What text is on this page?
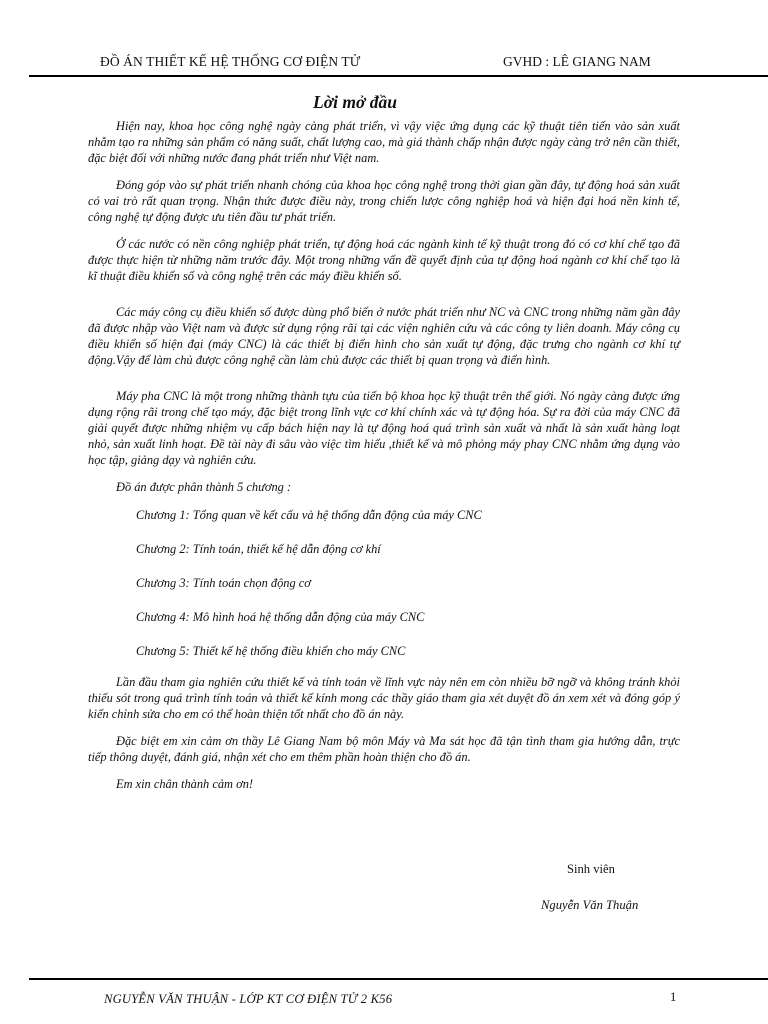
ĐỒ ÁN THIẾT KẾ HỆ THỐNG CƠ ĐIỆN TỬ	GVHD : LÊ GIANG NAM
Lời mở đầu

Hiện nay, khoa học công nghệ ngày càng phát triển, vì vậy việc ứng dụng các kỹ thuật tiên tiến vào sản xuất nhằm tạo ra những sản phẩm có năng suất, chất lượng cao, mà giá thành chấp nhận được ngày càng trở nên cần thiết, đặc biệt đối với những nước đang phát triển như Việt nam.

Đóng góp vào sự phát triển nhanh chóng của khoa học công nghệ trong thời gian gần đây, tự động hoá sản xuất có vai trò rất quan trọng. Nhận thức được điều này, trong chiến lược công nghiệp hoá và hiện đại hoá nền kinh tế, công nghệ tự động được ưu tiên đầu tư phát triển.

Ở các nước có nền công nghiệp phát triển, tự động hoá các ngành kinh tế kỹ thuật trong đó có cơ khí chế tạo đã được thực hiện từ những năm trước đây. Một trong những vấn đề quyết định của tự động hoá ngành cơ khí chế tạo là kĩ thuật điều khiển số và công nghệ trên các máy điều khiển số.

Các máy công cụ điều khiển số được dùng phổ biến ở nước phát triển như NC và CNC trong những năm gần đây đã được nhập vào Việt nam và được sử dụng rộng rãi tại các viện nghiên cứu và các công ty liên doanh. Máy công cụ điều khiển số hiện đại (máy CNC) là các thiết bị điển hình cho sản xuất tự động, đặc trưng cho ngành cơ khí tự động.Vậy để làm chủ được công nghệ cần làm chủ được các thiết bị quan trọng và điển hình.

Máy pha CNC là một trong những thành tựu của tiến bộ khoa học kỹ thuật trên thế giới. Nó ngày càng được ứng dụng rộng rãi trong chế tạo máy, đặc biệt trong lĩnh vực cơ khí chính xác và tự động hóa. Sự ra đời của máy CNC đã giải quyết được những nhiệm vụ cấp bách hiện nay là tự động hoá quá trình sản xuất và nhất là sản xuất hàng loạt nhỏ, sản xuất linh hoạt. Đề tài này đi sâu vào việc tìm hiểu ,thiết kế và mô phỏng máy phay CNC nhằm ứng dụng vào học tập, giảng dạy và nghiên cứu.

Đồ án được phân thành 5 chương :

Chương 1: Tổng quan về kết cấu và hệ thống dẫn động của máy CNC

Chương 2: Tính toán, thiết kế hệ dẫn động cơ khí

Chương 3: Tính toán chọn động cơ

Chương 4: Mô hình hoá hệ thống dẫn động của máy CNC

Chương 5: Thiết kế hệ thống điều khiển cho máy CNC

Lần đầu tham gia nghiên cứu thiết kế và tính toán về lĩnh vực này nên em còn nhiều bỡ ngỡ và không tránh khỏi thiếu sót trong quá trình tính toán và thiết kế kính mong các thầy giáo tham gia xét duyệt đồ án xem xét và đóng góp ý kiến chỉnh sửa cho em có thể hoàn thiện tốt nhất cho đồ án này.

Đặc biệt em xin cảm ơn thầy Lê Giang Nam bộ môn Máy và Ma sát học đã tận tình tham gia hướng dẫn, trực tiếp thông duyệt, đánh giá, nhận xét cho em thêm phần hoàn thiện cho đồ án.

Em xin chân thành cảm ơn!

Sinh viên
Nguyễn Văn Thuận
NGUYỄN VĂN THUẬN - LỚP KT CƠ ĐIỆN TỬ 2 K56	1
